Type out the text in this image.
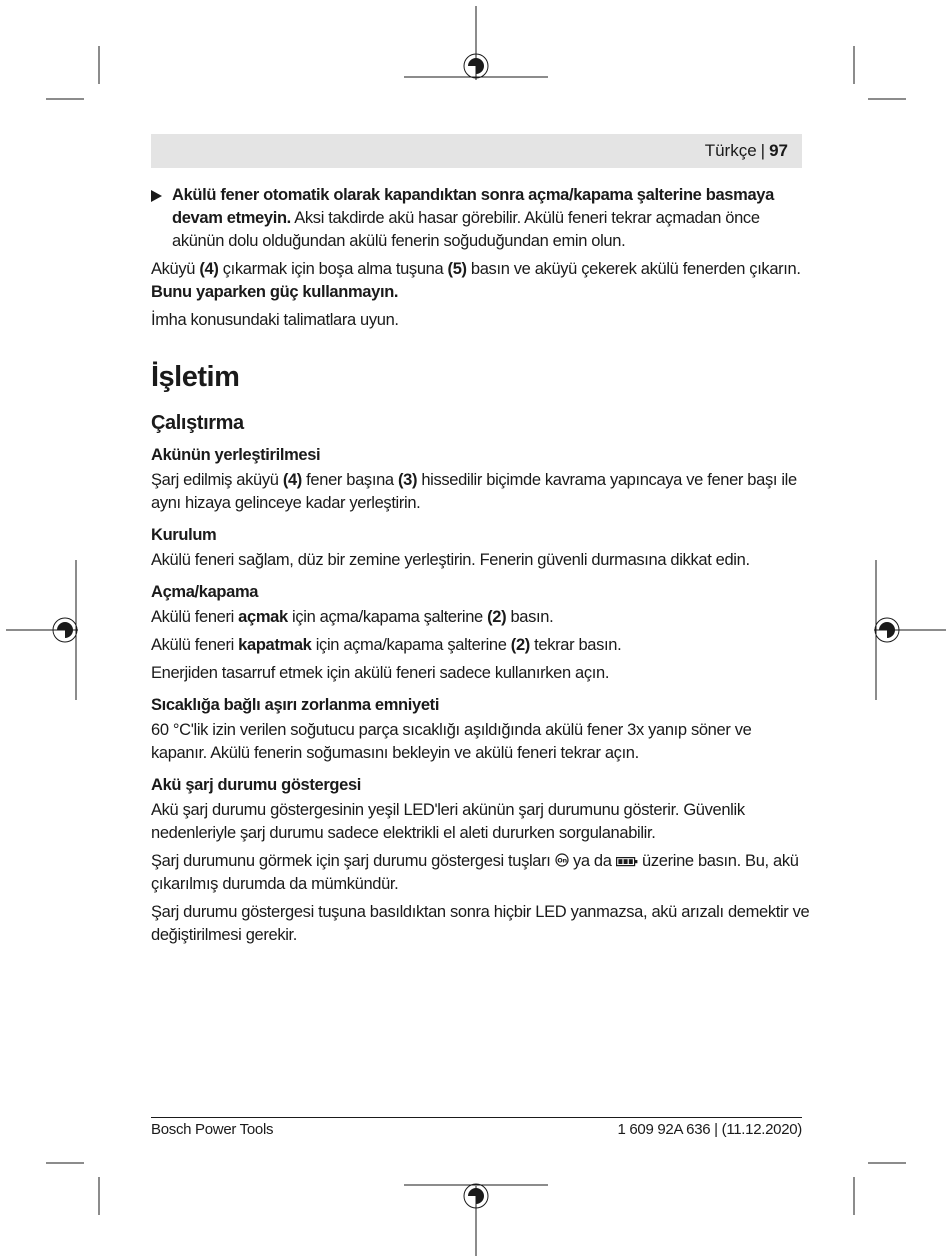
Türkçe | 97

Akülü fener otomatik olarak kapandıktan sonra açma/kapama şalterine basmaya devam etmeyin. Aksi takdirde akü hasar görebilir. Akülü feneri tekrar açmadan önce akünün dolu olduğundan akülü fenerin soğuduğundan emin olun.

Aküyü (4) çıkarmak için boşa alma tuşuna (5) basın ve aküyü çekerek akülü fenerden çıkarın. Bunu yaparken güç kullanmayın.

İmha konusundaki talimatlara uyun.

İşletim
Çalıştırma
Akünün yerleştirilmesi

Şarj edilmiş aküyü (4) fener başına (3) hissedilir biçimde kavrama yapıncaya ve fener başı ile aynı hizaya gelinceye kadar yerleştirin.

Kurulum

Akülü feneri sağlam, düz bir zemine yerleştirin. Fenerin güvenli durmasına dikkat edin.

Açma/kapama

Akülü feneri açmak için açma/kapama şalterine (2) basın.

Akülü feneri kapatmak için açma/kapama şalterine (2) tekrar basın.

Enerjiden tasarruf etmek için akülü feneri sadece kullanırken açın.

Sıcaklığa bağlı aşırı zorlanma emniyeti

60 °C'lik izin verilen soğutucu parça sıcaklığı aşıldığında akülü fener 3x yanıp söner ve kapanır. Akülü fenerin soğumasını bekleyin ve akülü feneri tekrar açın.

Akü şarj durumu göstergesi

Akü şarj durumu göstergesinin yeşil LED'leri akünün şarj durumunu gösterir. Güvenlik nedenleriyle şarj durumu sadece elektrikli el aleti dururken sorgulanabilir.

Şarj durumunu görmek için şarj durumu göstergesi tuşları On ya da  üzerine basın. Bu, akü çıkarılmış durumda da mümkündür.

Şarj durumu göstergesi tuşuna basıldıktan sonra hiçbir LED yanmazsa, akü arızalı demektir ve değiştirilmesi gerekir.

Bosch Power Tools	1 609 92A 636 | (11.12.2020)
